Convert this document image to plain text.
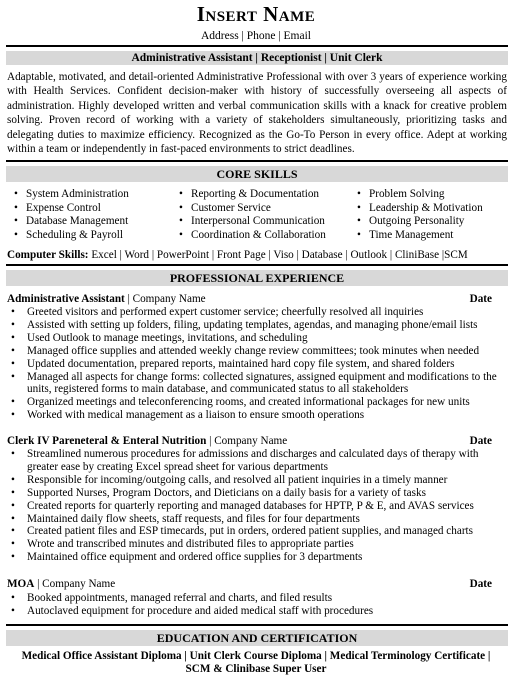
Insert Name
Address | Phone | Email
Administrative Assistant | Receptionist | Unit Clerk
Adaptable, motivated, and detail-oriented Administrative Professional with over 3 years of experience working with Health Services. Confident decision-maker with history of successfully overseeing all aspects of administration. Highly developed written and verbal communication skills with a knack for creative problem solving. Proven record of working with a variety of stakeholders simultaneously, prioritizing tasks and delegating duties to maximize efficiency. Recognized as the Go-To Person in every office. Adept at working within a team or independently in fast-paced environments to strict deadlines.
CORE SKILLS
• System Administration
• Expense Control
• Database Management
• Scheduling & Payroll
• Reporting & Documentation
• Customer Service
• Interpersonal Communication
• Coordination & Collaboration
• Problem Solving
• Leadership & Motivation
• Outgoing Personality
• Time Management
Computer Skills: Excel | Word | PowerPoint | Front Page | Viso | Database | Outlook | CliniBase |SCM
PROFESSIONAL EXPERIENCE
Administrative Assistant | Company Name	Date
• Greeted visitors and performed expert customer service; cheerfully resolved all inquiries
• Assisted with setting up folders, filing, updating templates, agendas, and managing phone/email lists
• Used Outlook to manage meetings, invitations, and scheduling
• Managed office supplies and attended weekly change review committees; took minutes when needed
• Updated documentation, prepared reports, maintained hard copy file system, and shared folders
• Managed all aspects for change forms: collected signatures, assigned equipment and modifications to the units, registered forms to main database, and communicated status to all stakeholders
• Organized meetings and teleconferencing rooms, and created informational packages for new units
• Worked with medical management as a liaison to ensure smooth operations
Clerk IV Pareneteral & Enteral Nutrition | Company Name	Date
• Streamlined numerous procedures for admissions and discharges and calculated days of therapy with greater ease by creating Excel spread sheet for various departments
• Responsible for incoming/outgoing calls, and resolved all patient inquiries in a timely manner
• Supported Nurses, Program Doctors, and Dieticians on a daily basis for a variety of tasks
• Created reports for quarterly reporting and managed databases for HPTP, P & E, and AVAS services
• Maintained daily flow sheets, staff requests, and files for four departments
• Created patient files and ESP timecards, put in orders, ordered patient supplies, and managed charts
• Wrote and transcribed minutes and distributed files to appropriate parties
• Maintained office equipment and ordered office supplies for 3 departments
MOA | Company Name	Date
• Booked appointments, managed referral and charts, and filed results
• Autoclaved equipment for procedure and aided medical staff with procedures
EDUCATION AND CERTIFICATION
Medical Office Assistant Diploma | Unit Clerk Course Diploma | Medical Terminology Certificate |
SCM & Clinibase Super User
